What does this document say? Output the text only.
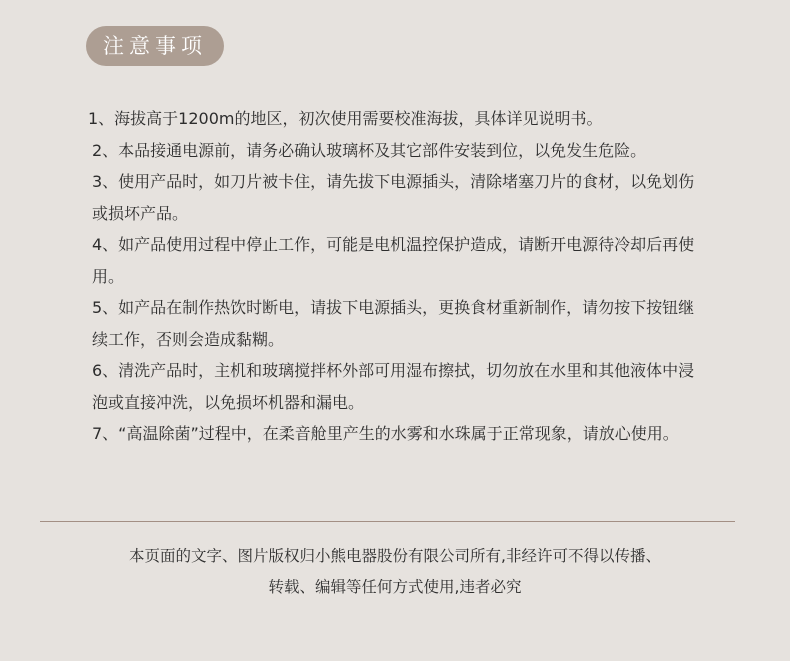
注意事项

1、海拔高于1200m的地区，初次使用需要校准海拔，具体详见说明书。

2、本品接通电源前，请务必确认玻璃杯及其它部件安装到位，以免发生危险。

3、使用产品时，如刀片被卡住，请先拔下电源插头，清除堵塞刀片的食材，以免划伤或损坏产品。

4、如产品使用过程中停止工作，可能是电机温控保护造成，请断开电源待冷却后再使用。

5、如产品在制作热饮时断电，请拔下电源插头，更换食材重新制作，请勿按下按钮继续工作，否则会造成黏糊。

6、清洗产品时，主机和玻璃搅拌杯外部可用湿布擦拭，切勿放在水里和其他液体中浸泡或直接冲洗，以免损坏机器和漏电。

7、“高温除菌”过程中，在柔音舱里产生的水雾和水珠属于正常现象，请放心使用。

本页面的文字、图片版权归小熊电器股份有限公司所有,非经许可不得以传播、
转载、编辑等任何方式使用,违者必究
